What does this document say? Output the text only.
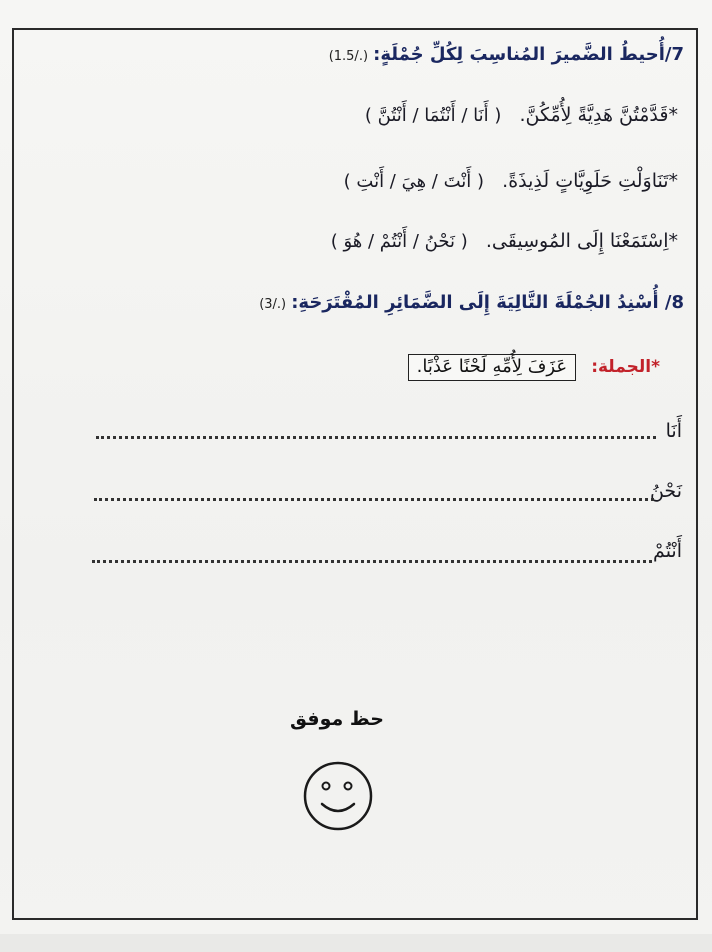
7/أُحيطُ الضَّميرَ المُناسِبَ لِكُلِّ جُمْلَةٍ: (1.5/.)
*قَدَّمْتُنَّ هَدِيَّةً لِأُمِّكُنَّ.   ( أَنَا / أَنْتُمَا / أَنْتُنَّ )
*تَنَاوَلْتِ حَلَوِيَّاتٍ لَذِيذَةً.   ( أَنْتَ / هِيَ / أَنْتِ )
*اِسْتَمَعْنَا إِلَى المُوسِيقَى.   ( نَحْنُ / أَنْتُمْ / هُوَ )
8/ أُسْنِدُ الجُمْلَةَ التَّالِيَةَ إِلَى الضَّمَائِرِ المُقْتَرَحَةِ: (3/.)
*الجملة: عَزَفَ لِأُمِّهِ لَحْنًا عَذْبًا.
أَنَا
نَحْنُ
أَنْتُمْ
حظ موفق
